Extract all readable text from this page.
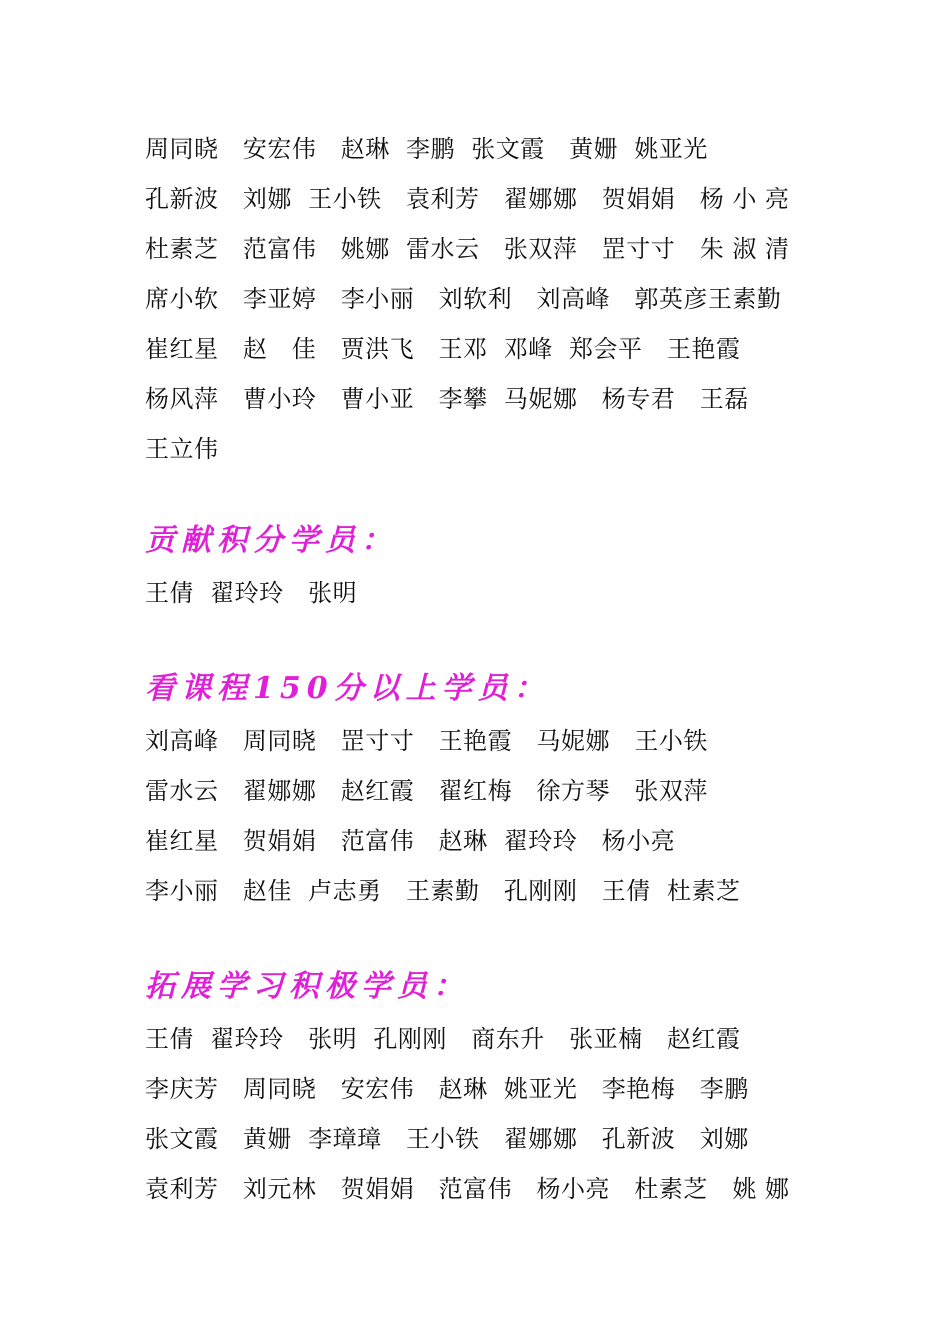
周同晓   安宏伟   赵琳  李鹏  张文霞   黄姗  姚亚光
孔新波   刘娜  王小铁   袁利芳   翟娜娜   贺娟娟   杨 小 亮
杜素芝   范富伟   姚娜  雷水云   张双萍   罡寸寸   朱 淑 清
席小软   李亚婷   李小丽   刘软利   刘高峰   郭英彦王素勤
崔红星   赵   佳   贾洪飞   王邓  邓峰  郑会平   王艳霞
杨风萍   曹小玲   曹小亚   李攀  马妮娜   杨专君   王磊
王立伟
贡献积分学员：
王倩  翟玲玲   张明
看课程150分以上学员：
刘高峰   周同晓   罡寸寸   王艳霞   马妮娜   王小铁
雷水云   翟娜娜   赵红霞   翟红梅   徐方琴   张双萍
崔红星   贺娟娟   范富伟   赵琳  翟玲玲   杨小亮
李小丽   赵佳  卢志勇   王素勤   孔刚刚   王倩  杜素芝
拓展学习积极学员：
王倩  翟玲玲   张明  孔刚刚   商东升   张亚楠   赵红霞
李庆芳   周同晓   安宏伟   赵琳  姚亚光   李艳梅   李鹏
张文霞   黄姗  李璋璋   王小铁   翟娜娜   孔新波   刘娜
袁利芳   刘元林   贺娟娟   范富伟   杨小亮   杜素芝   姚 娜
